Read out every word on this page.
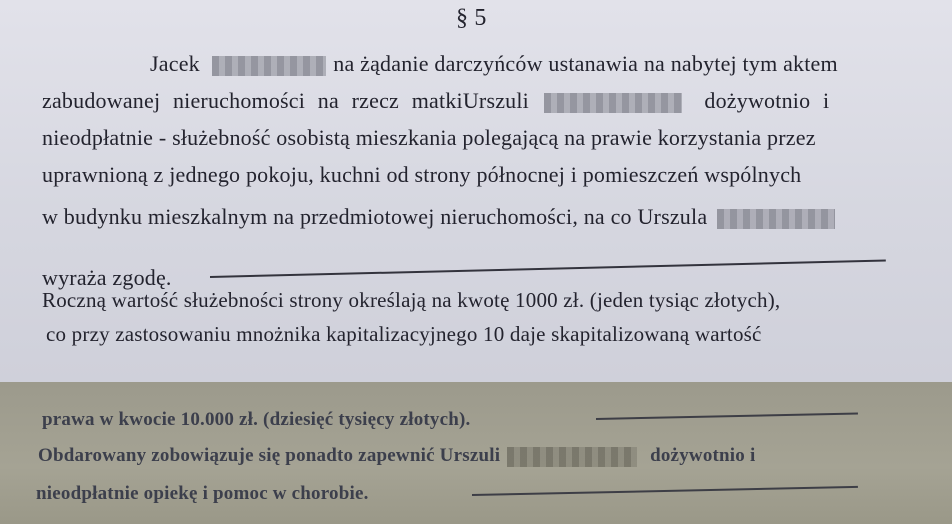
§ 5
Jacek	na żądanie darczyńców ustanawia na nabytej tym aktem
zabudowanej nieruchomości na rzecz matkiUrszuli	dożywotnio i
nieodpłatnie - służebność osobistą mieszkania polegającą na prawie korzystania przez
uprawnioną z jednego pokoju, kuchni od strony północnej i pomieszczeń wspólnych
w budynku mieszkalnym na przedmiotowej nieruchomości, na co Urszula
wyraża zgodę.
Roczną wartość służebności strony określają na kwotę 1000 zł. (jeden tysiąc złotych),
co przy zastosowaniu mnożnika kapitalizacyjnego 10 daje skapitalizowaną wartość
prawa w kwocie 10.000 zł. (dziesięć tysięcy złotych).
Obdarowany zobowiązuje się ponadto zapewnić Urszuli	dożywotnio i
nieodpłatnie opiekę i pomoc w chorobie.
